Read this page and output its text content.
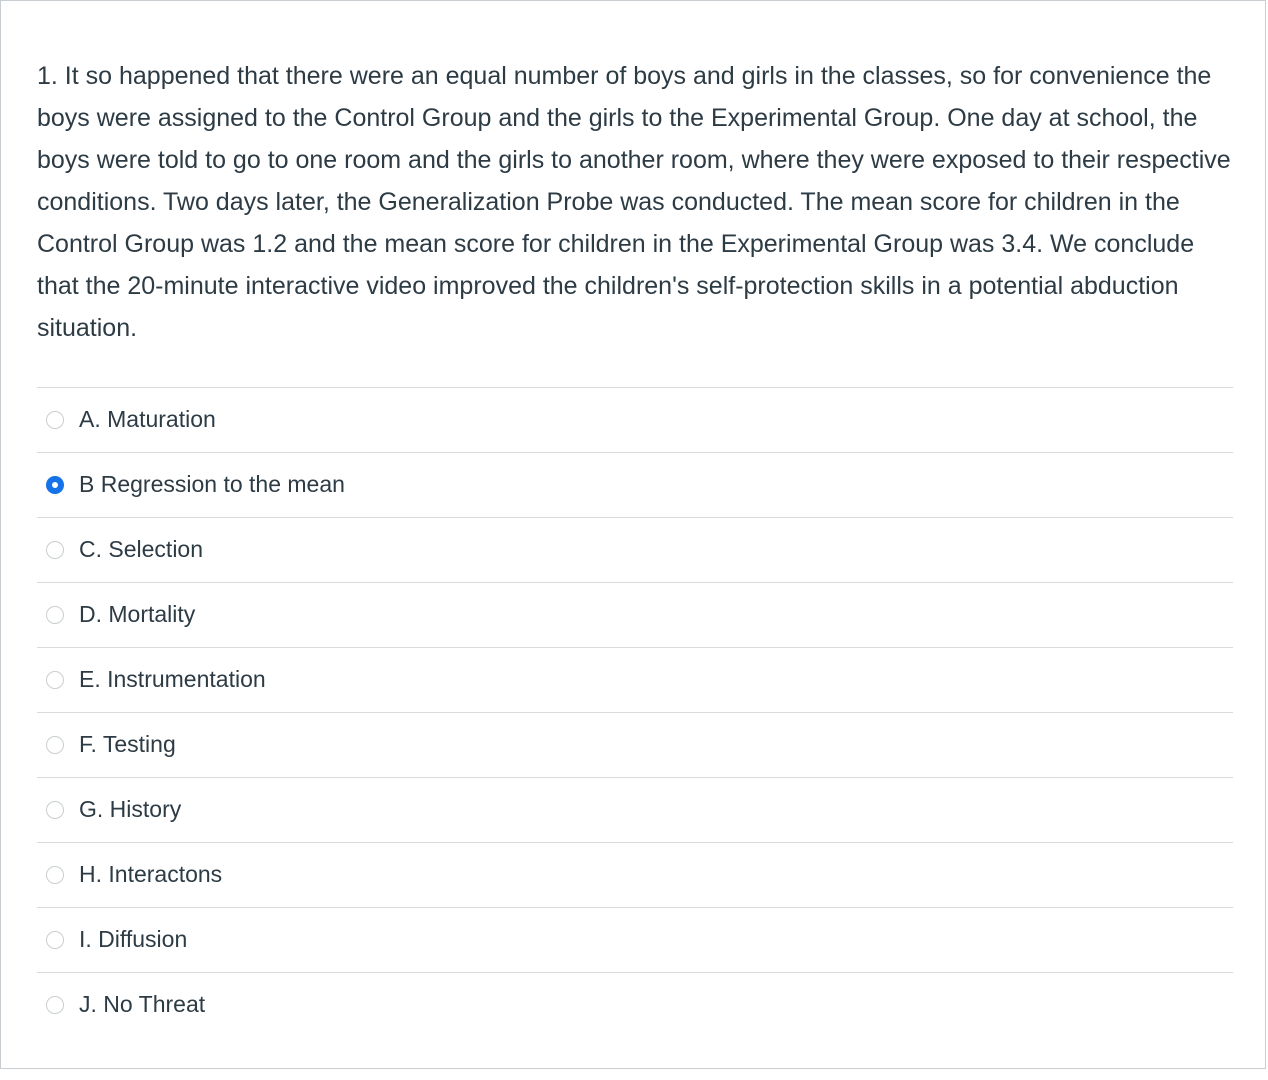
1. It so happened that there were an equal number of boys and girls in the classes, so for convenience the boys were assigned to the Control Group and the girls to the Experimental Group. One day at school, the boys were told to go to one room and the girls to another room, where they were exposed to their respective conditions. Two days later, the Generalization Probe was conducted. The mean score for children in the Control Group was 1.2 and the mean score for children in the Experimental Group was 3.4. We conclude that the 20-minute interactive video improved the children's self-protection skills in a potential abduction situation.

A. Maturation
B Regression to the mean
C. Selection
D. Mortality
E. Instrumentation
F. Testing
G. History
H. Interactons
I. Diffusion
J. No Threat
